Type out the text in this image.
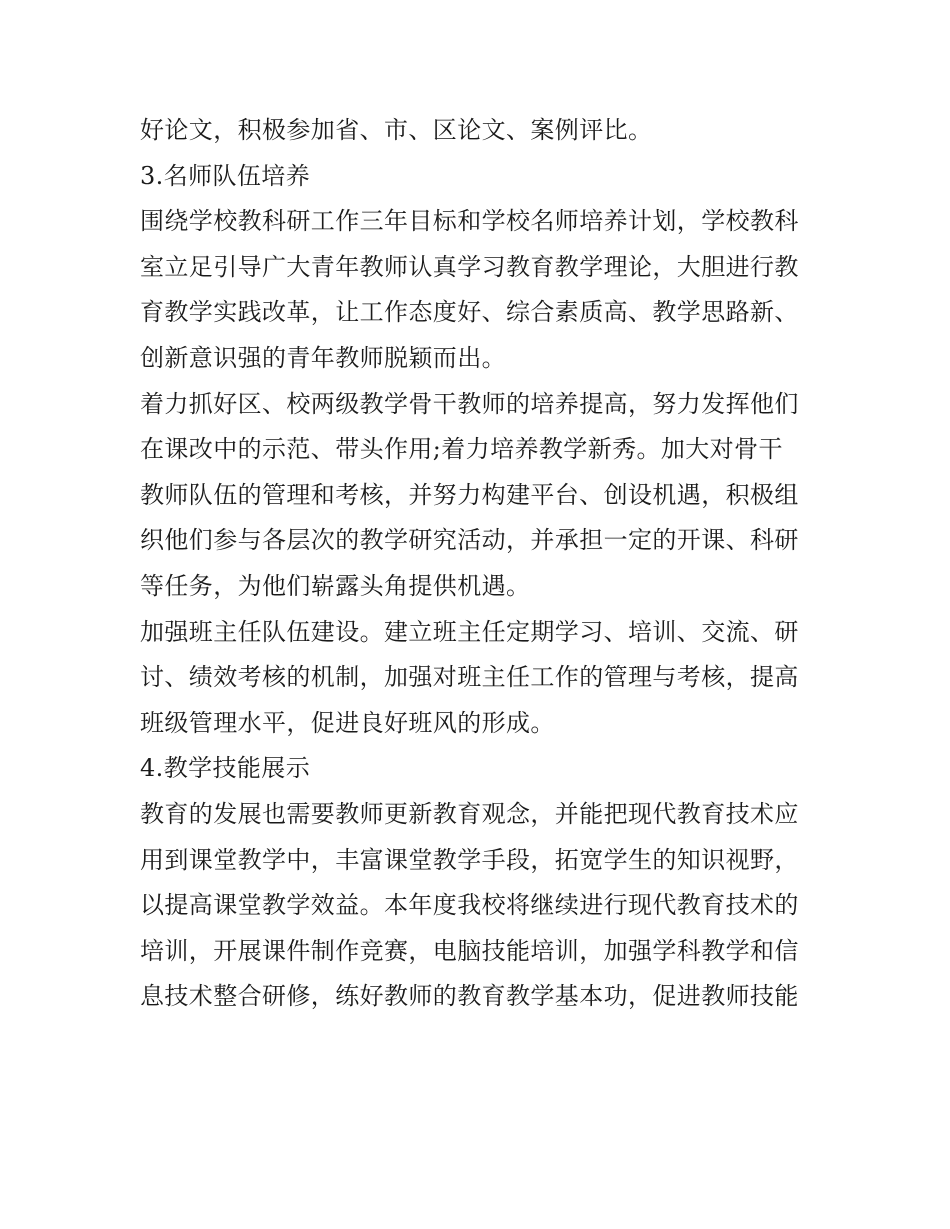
好论文，积极参加省、市、区论文、案例评比。
3.名师队伍培养
围绕学校教科研工作三年目标和学校名师培养计划，学校教科
室立足引导广大青年教师认真学习教育教学理论，大胆进行教
育教学实践改革，让工作态度好、综合素质高、教学思路新、
创新意识强的青年教师脱颖而出。
着力抓好区、校两级教学骨干教师的培养提高，努力发挥他们
在课改中的示范、带头作用;着力培养教学新秀。加大对骨干
教师队伍的管理和考核，并努力构建平台、创设机遇，积极组
织他们参与各层次的教学研究活动，并承担一定的开课、科研
等任务，为他们崭露头角提供机遇。
加强班主任队伍建设。建立班主任定期学习、培训、交流、研
讨、绩效考核的机制，加强对班主任工作的管理与考核，提高
班级管理水平，促进良好班风的形成。
4.教学技能展示
教育的发展也需要教师更新教育观念，并能把现代教育技术应
用到课堂教学中，丰富课堂教学手段，拓宽学生的知识视野，
以提高课堂教学效益。本年度我校将继续进行现代教育技术的
培训，开展课件制作竞赛，电脑技能培训，加强学科教学和信
息技术整合研修，练好教师的教育教学基本功，促进教师技能
